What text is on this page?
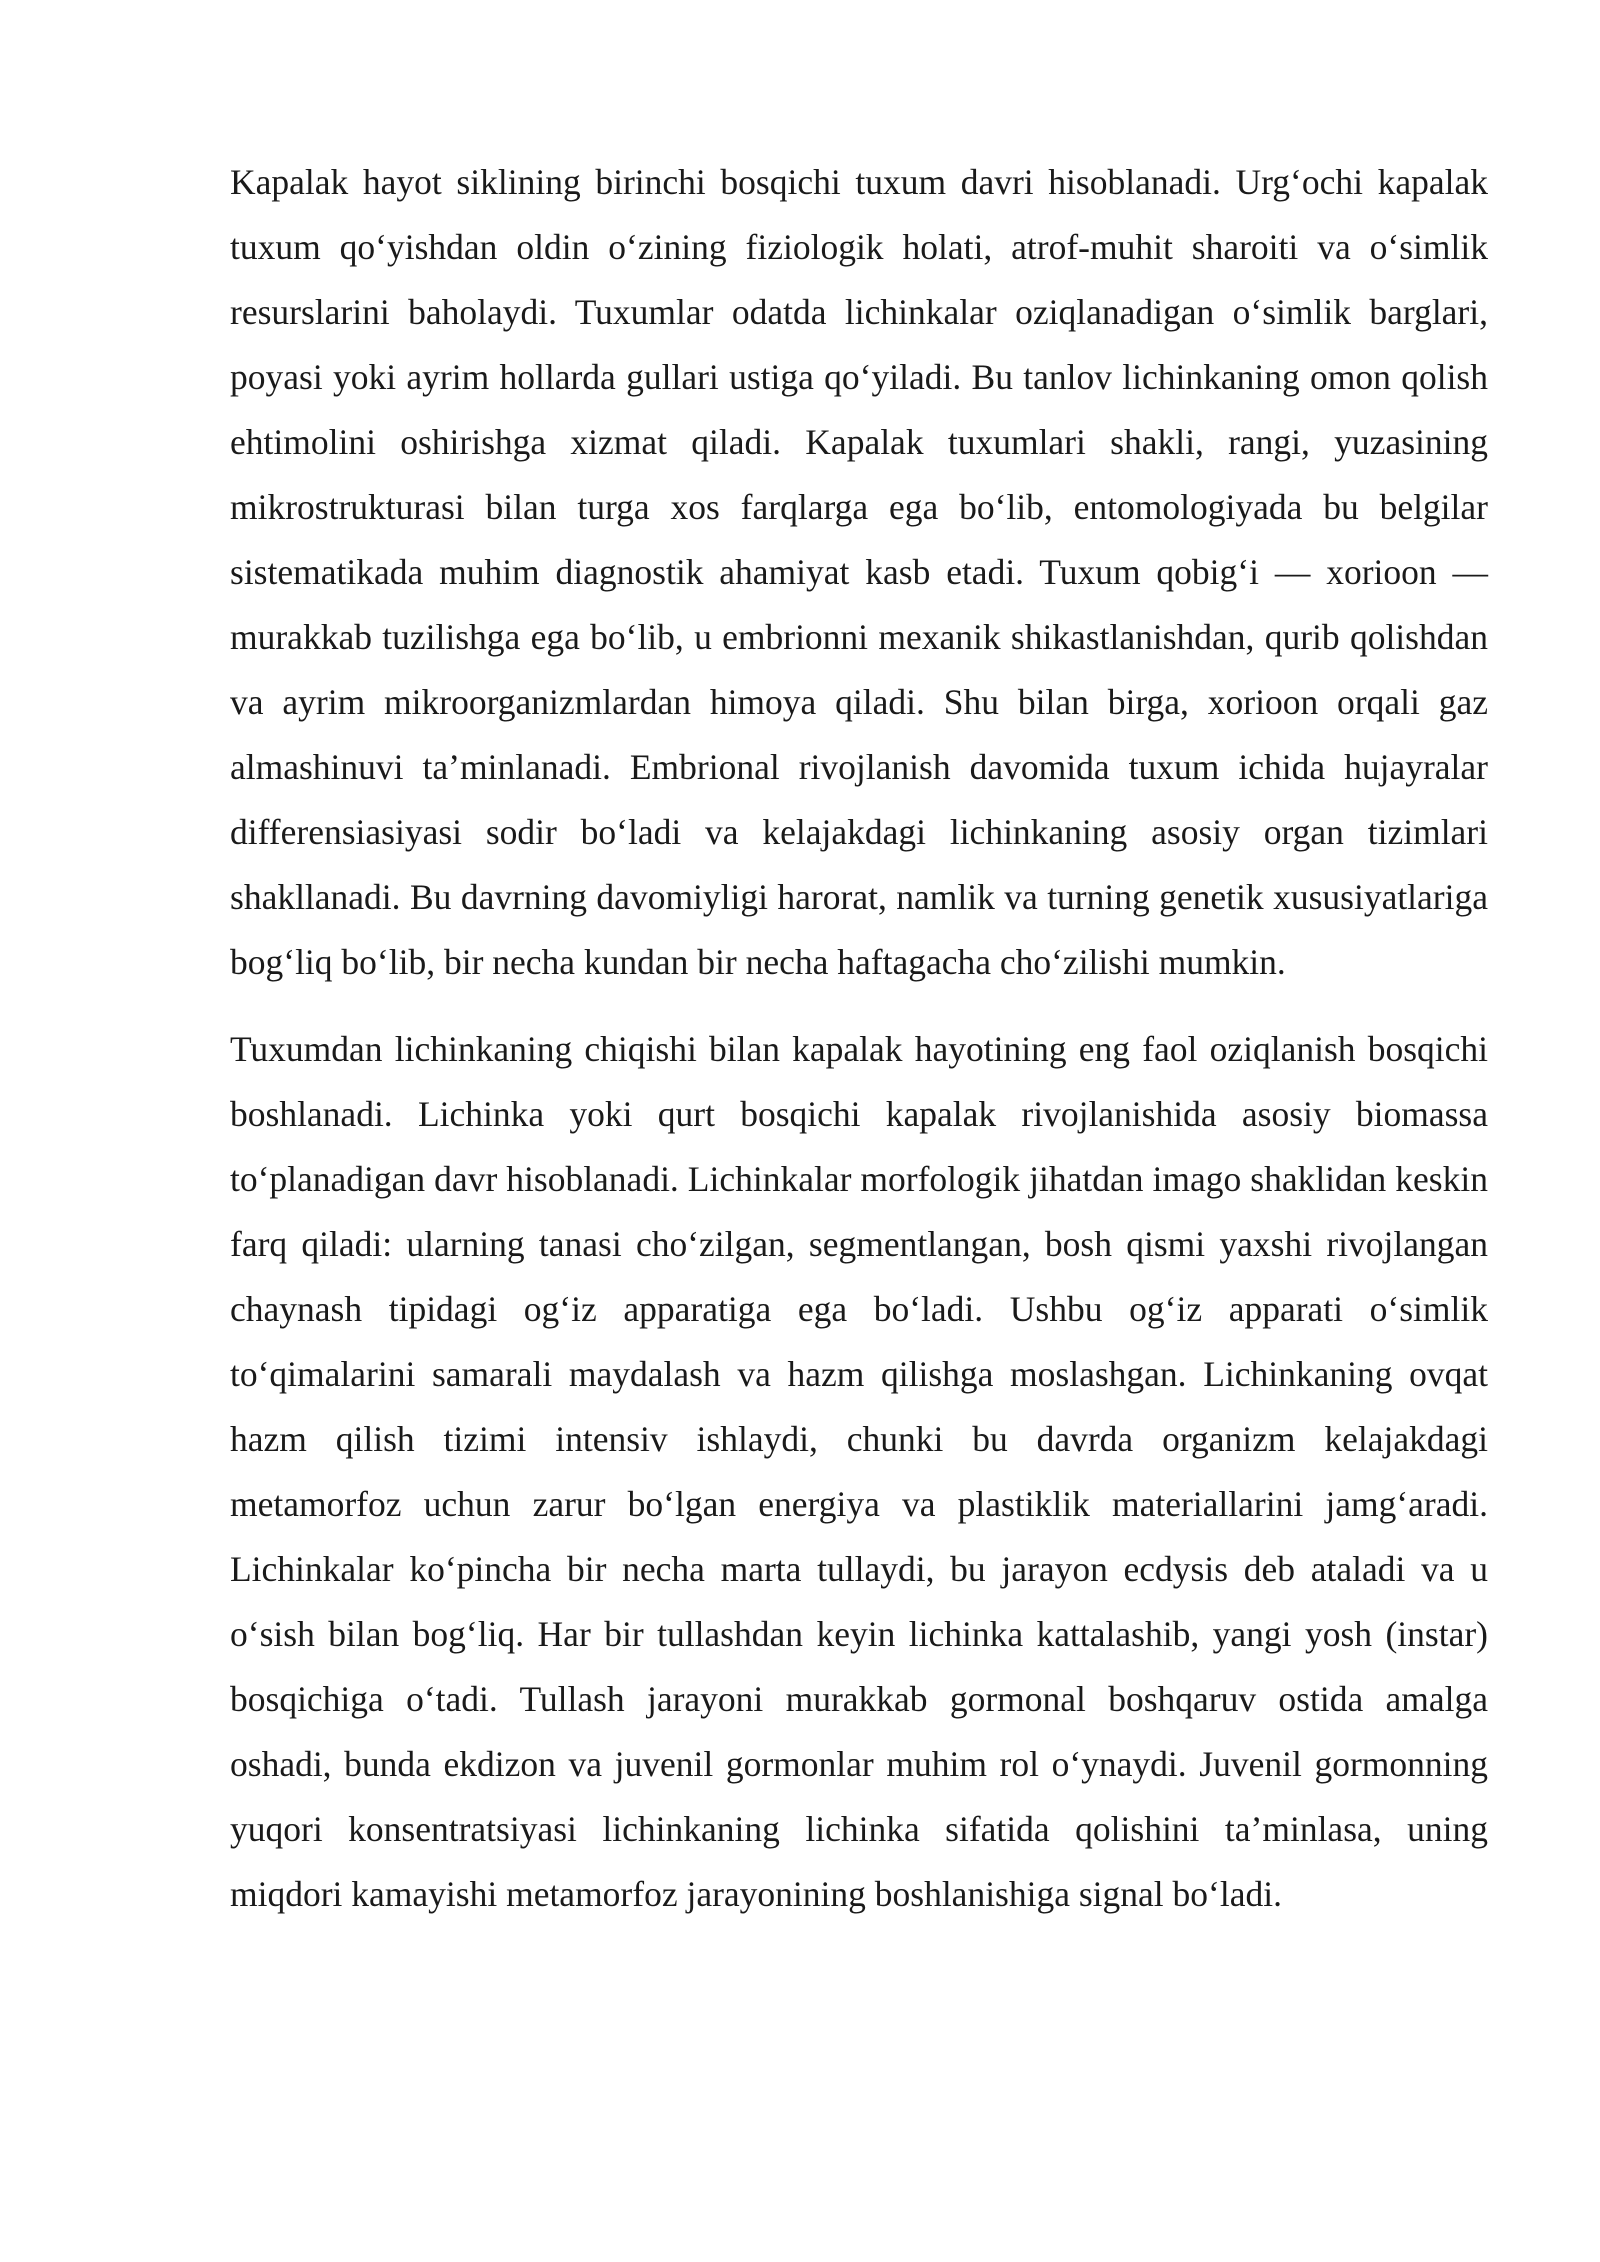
Kapalak hayot siklining birinchi bosqichi tuxum davri hisoblanadi. Urg‘ochi kapalak tuxum qo‘yishdan oldin o‘zining fiziologik holati, atrof-muhit sharoiti va o‘simlik resurslarini baholaydi. Tuxumlar odatda lichinkalar oziqlanadigan o‘simlik barglari, poyasi yoki ayrim hollarda gullari ustiga qo‘yiladi. Bu tanlov lichinkaning omon qolish ehtimolini oshirishga xizmat qiladi. Kapalak tuxumlari shakli, rangi, yuzasining mikrostrukturasi bilan turga xos farqlarga ega bo‘lib, entomologiyada bu belgilar sistematikada muhim diagnostik ahamiyat kasb etadi. Tuxum qobig‘i — xorioon — murakkab tuzilishga ega bo‘lib, u embrionni mexanik shikastlanishdan, qurib qolishdan va ayrim mikroorganizmlardan himoya qiladi. Shu bilan birga, xorioon orqali gaz almashinuvi ta’minlanadi. Embrional rivojlanish davomida tuxum ichida hujayralar differensiasiyasi sodir bo‘ladi va kelajakdagi lichinkaning asosiy organ tizimlari shakllanadi. Bu davrning davomiyligi harorat, namlik va turning genetik xususiyatlariga bog‘liq bo‘lib, bir necha kundan bir necha haftagacha cho‘zilishi mumkin.

Tuxumdan lichinkaning chiqishi bilan kapalak hayotining eng faol oziqlanish bosqichi boshlanadi. Lichinka yoki qurt bosqichi kapalak rivojlanishida asosiy biomassa to‘planadigan davr hisoblanadi. Lichinkalar morfologik jihatdan imago shaklidan keskin farq qiladi: ularning tanasi cho‘zilgan, segmentlangan, bosh qismi yaxshi rivojlangan chaynash tipidagi og‘iz apparatiga ega bo‘ladi. Ushbu og‘iz apparati o‘simlik to‘qimalarini samarali maydalash va hazm qilishga moslashgan. Lichinkaning ovqat hazm qilish tizimi intensiv ishlaydi, chunki bu davrda organizm kelajakdagi metamorfoz uchun zarur bo‘lgan energiya va plastiklik materiallarini jamg‘aradi. Lichinkalar ko‘pincha bir necha marta tullaydi, bu jarayon ecdysis deb ataladi va u o‘sish bilan bog‘liq. Har bir tullashdan keyin lichinka kattalashib, yangi yosh (instar) bosqichiga o‘tadi. Tullash jarayoni murakkab gormonal boshqaruv ostida amalga oshadi, bunda ekdizon va juvenil gormonlar muhim rol o‘ynaydi. Juvenil gormonning yuqori konsentratsiyasi lichinkaning lichinka sifatida qolishini ta’minlasa, uning miqdori kamayishi metamorfoz jarayonining boshlanishiga signal bo‘ladi.
